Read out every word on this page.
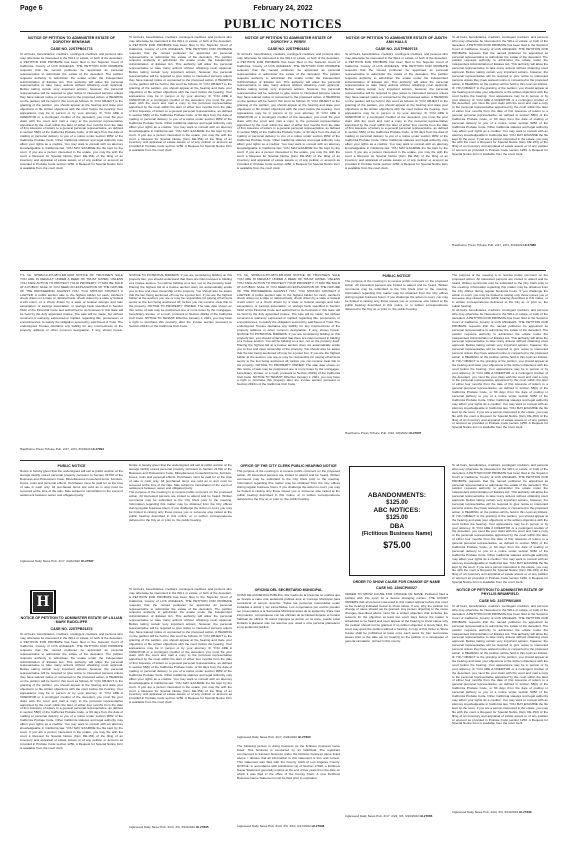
Page 6	February 24, 2022
PUBLIC NOTICES
NOTICE OF PETITION TO ADMINISTER ESTATE OF DOROTHY BENSHAW
CASE NO. 22STPB01773
To all heirs, beneficiaries, creditors, contingent creditors, and persons who may otherwise be interested in the WILL or estate, or both of the decedent. A PETITION FOR PROBATE has been filed in the Superior Court of California, County of LOS ANGELES. THE PETITION FOR PROBATE requests that the named petitioner be appointed as personal representative to administer the estate of the decedent. The petition requests authority to administer the estate under the Independent Administration of Estates Act. This authority will allow the personal representative to take many actions without obtaining court approval. Before taking certain very important actions, however, the personal representative will be required to give notice to interested persons unless they have waived notice or consented to the proposed action. A HEARING on the petition will be held in this court as follows. IF YOU OBJECT to the granting of the petition, you should appear at the hearing and state your objections or file written objections with the court before the hearing. Your appearance may be in person or by your attorney. IF YOU ARE A CREDITOR or a contingent creditor of the decedent, you must file your claim with the court and mail a copy to the personal representative appointed by the court within the later of either four months from the date of first issuance of letters to a general personal representative, as defined in section 58(b) of the California Probate Code, or 60 days from the date of mailing or personal delivery to you of a notice under section 9052 of the California Probate Code. Other California statutes and legal authority may affect your rights as a creditor. You may want to consult with an attorney knowledgeable in California law. YOU MAY EXAMINE the file kept by the court. If you are a person interested in the estate, you may file with the court a Request for Special Notice (form DE-154) of the filing of an inventory and appraisal of estate assets or of any petition or account as provided in Probate Code section 1250. A Request for Special Notice form is available from the court clerk.
To all heirs, beneficiaries, creditors, contingent creditors, and persons who may otherwise be interested in the WILL or estate, or both of the decedent. A PETITION FOR PROBATE has been filed in the Superior Court of California, County of LOS ANGELES. THE PETITION FOR PROBATE requests that the named petitioner be appointed as personal representative to administer the estate of the decedent. The petition requests authority to administer the estate under the Independent Administration of Estates Act. This authority will allow the personal representative to take many actions without obtaining court approval. Before taking certain very important actions, however, the personal representative will be required to give notice to interested persons unless they have waived notice or consented to the proposed action. A HEARING on the petition will be held in this court as follows. IF YOU OBJECT to the granting of the petition, you should appear at the hearing and state your objections or file written objections with the court before the hearing. Your appearance may be in person or by your attorney. IF YOU ARE A CREDITOR or a contingent creditor of the decedent, you must file your claim with the court and mail a copy to the personal representative appointed by the court within the later of either four months from the date of first issuance of letters to a general personal representative, as defined in section 58(b) of the California Probate Code, or 60 days from the date of mailing or personal delivery to you of a notice under section 9052 of the California Probate Code. Other California statutes and legal authority may affect your rights as a creditor. You may want to consult with an attorney knowledgeable in California law. YOU MAY EXAMINE the file kept by the court. If you are a person interested in the estate, you may file with the court a Request for Special Notice (form DE-154) of the filing of an inventory and appraisal of estate assets or of any petition or account as provided in Probate Code section 1250. A Request for Special Notice form is available from the court clerk.
NOTICE OF PETITION TO ADMINISTER ESTATE OF DOROTHY J. PERRY
CASE NO. 22STPB01822
To all heirs, beneficiaries, creditors, contingent creditors, and persons who may otherwise be interested in the WILL or estate, or both of the decedent. A PETITION FOR PROBATE has been filed in the Superior Court of California, County of LOS ANGELES. THE PETITION FOR PROBATE requests that the named petitioner be appointed as personal representative to administer the estate of the decedent. The petition requests authority to administer the estate under the Independent Administration of Estates Act. This authority will allow the personal representative to take many actions without obtaining court approval. Before taking certain very important actions, however, the personal representative will be required to give notice to interested persons unless they have waived notice or consented to the proposed action. A HEARING on the petition will be held in this court as follows. IF YOU OBJECT to the granting of the petition, you should appear at the hearing and state your objections or file written objections with the court before the hearing. Your appearance may be in person or by your attorney. IF YOU ARE A CREDITOR or a contingent creditor of the decedent, you must file your claim with the court and mail a copy to the personal representative appointed by the court within the later of either four months from the date of first issuance of letters to a general personal representative, as defined in section 58(b) of the California Probate Code, or 60 days from the date of mailing or personal delivery to you of a notice under section 9052 of the California Probate Code. Other California statutes and legal authority may affect your rights as a creditor. You may want to consult with an attorney knowledgeable in California law. YOU MAY EXAMINE the file kept by the court. If you are a person interested in the estate, you may file with the court a Request for Special Notice (form DE-154) of the filing of an inventory and appraisal of estate assets or of any petition or account as provided in Probate Code section 1250. A Request for Special Notice form is available from the court clerk.
NOTICE OF PETITION TO ADMINISTER ESTATE OF JUDITH ANN HALLS
CASE NO. 21STPB09715
To all heirs, beneficiaries, creditors, contingent creditors, and persons who may otherwise be interested in the WILL or estate, or both of the decedent. A PETITION FOR PROBATE has been filed in the Superior Court of California, County of LOS ANGELES. THE PETITION FOR PROBATE requests that the named petitioner be appointed as personal representative to administer the estate of the decedent. The petition requests authority to administer the estate under the Independent Administration of Estates Act. This authority will allow the personal representative to take many actions without obtaining court approval. Before taking certain very important actions, however, the personal representative will be required to give notice to interested persons unless they have waived notice or consented to the proposed action. A HEARING on the petition will be held in this court as follows. IF YOU OBJECT to the granting of the petition, you should appear at the hearing and state your objections or file written objections with the court before the hearing. Your appearance may be in person or by your attorney. IF YOU ARE A CREDITOR or a contingent creditor of the decedent, you must file your claim with the court and mail a copy to the personal representative appointed by the court within the later of either four months from the date of first issuance of letters to a general personal representative, as defined in section 58(b) of the California Probate Code, or 60 days from the date of mailing or personal delivery to you of a notice under section 9052 of the California Probate Code. Other California statutes and legal authority may affect your rights as a creditor. You may want to consult with an attorney knowledgeable in California law. YOU MAY EXAMINE the file kept by the court. If you are a person interested in the estate, you may file with the court a Request for Special Notice (form DE-154) of the filing of an inventory and appraisal of estate assets or of any petition or account as provided in Probate Code section 1250. A Request for Special Notice form is available from the court clerk.
To all heirs, beneficiaries, creditors, contingent creditors, and persons who may otherwise be interested in the WILL or estate, or both of the decedent. A PETITION FOR PROBATE has been filed in the Superior Court of California, County of LOS ANGELES. THE PETITION FOR PROBATE requests that the named petitioner be appointed as personal representative to administer the estate of the decedent. The petition requests authority to administer the estate under the Independent Administration of Estates Act. This authority will allow the personal representative to take many actions without obtaining court approval. Before taking certain very important actions, however, the personal representative will be required to give notice to interested persons unless they have waived notice or consented to the proposed action. A HEARING on the petition will be held in this court as follows. IF YOU OBJECT to the granting of the petition, you should appear at the hearing and state your objections or file written objections with the court before the hearing. Your appearance may be in person or by your attorney. IF YOU ARE A CREDITOR or a contingent creditor of the decedent, you must file your claim with the court and mail a copy to the personal representative appointed by the court within the later of either four months from the date of first issuance of letters to a general personal representative, as defined in section 58(b) of the California Probate Code, or 60 days from the date of mailing or personal delivery to you of a notice under section 9052 of the California Probate Code. Other California statutes and legal authority may affect your rights as a creditor. You may want to consult with an attorney knowledgeable in California law. YOU MAY EXAMINE the file kept by the court. If you are a person interested in the estate, you may file with the court a Request for Special Notice (form DE-154) of the filing of an inventory and appraisal of estate assets or of any petition or account as provided in Probate Code section 1250. A Request for Special Notice form is available from the court clerk.
Hawthorne Press Tribune Pub. 2/17, 2/24, 3/3/2022 HI-27880
T.S. No. SHSB-CA-PV-4874-DR-0003 NOTICE OF TRUSTEE'S SALE YOU ARE IN DEFAULT UNDER A DEED OF TRUST DATED. UNLESS YOU TAKE ACTION TO PROTECT YOUR PROPERTY, IT MAY BE SOLD AT A PUBLIC SALE. IF YOU NEED AN EXPLANATION OF THE NATURE OF THE PROCEEDING AGAINST YOU, YOU SHOULD CONTACT A LAWYER. A public auction sale to the highest bidder for cash, cashier's check drawn on a state or national bank, check drawn by a state or federal credit union, or a check drawn by a state or federal savings and loan association, or savings association, or savings bank specified in Section 5102 of the Financial Code and authorized to do business in this state will be held by the duly appointed trustee. The sale will be made, but without covenant or warranty, expressed or implied, regarding title, possession, or encumbrances, to satisfy the obligation secured by said Deed of Trust. The undersigned Trustee disclaims any liability for any incorrectness of the property address or other common designation, if any, shown herein. NOTICE TO POTENTIAL BIDDERS: If you are considering bidding on this property lien, you should understand that there are risks involved in bidding at a trustee auction. You will be bidding on a lien, not on the property itself. Placing the highest bid at a trustee auction does not automatically entitle you to free and clear ownership of the property. You should also be aware that the lien being auctioned off may be a junior lien. If you are the highest bidder at the auction, you are or may be responsible for paying off all liens senior to the lien being auctioned off, before you can receive clear title to the property. NOTICE TO PROPERTY OWNER: The sale date shown on this notice of sale may be postponed one or more times by the mortgagee, beneficiary, trustee, or a court, pursuant to Section 2924g of the California Civil Code. NOTICE TO TENANT: Effective January 1, 2021, you may have a right to purchase this property after the trustee auction pursuant to Section 2924m of the California Civil Code.
Hawthorne Press Tribune Pub. 2/17, 2/24, 3/3/2022 HI-27891
T.S. No. SHSB-CA-PV-4874-DR-0003 NOTICE OF TRUSTEE'S SALE YOU ARE IN DEFAULT UNDER A DEED OF TRUST DATED. UNLESS YOU TAKE ACTION TO PROTECT YOUR PROPERTY, IT MAY BE SOLD AT A PUBLIC SALE. IF YOU NEED AN EXPLANATION OF THE NATURE OF THE PROCEEDING AGAINST YOU, YOU SHOULD CONTACT A LAWYER. A public auction sale to the highest bidder for cash, cashier's check drawn on a state or national bank, check drawn by a state or federal credit union, or a check drawn by a state or federal savings and loan association, or savings association, or savings bank specified in Section 5102 of the Financial Code and authorized to do business in this state will be held by the duly appointed trustee. The sale will be made, but without covenant or warranty, expressed or implied, regarding title, possession, or encumbrances, to satisfy the obligation secured by said Deed of Trust. The undersigned Trustee disclaims any liability for any incorrectness of the property address or other common designation, if any, shown herein. NOTICE TO POTENTIAL BIDDERS: If you are considering bidding on this property lien, you should understand that there are risks involved in bidding at a trustee auction. You will be bidding on a lien, not on the property itself. Placing the highest bid at a trustee auction does not automatically entitle you to free and clear ownership of the property. You should also be aware that the lien being auctioned off may be a junior lien. If you are the highest bidder at the auction, you are or may be responsible for paying off all liens senior to the lien being auctioned off, before you can receive clear title to the property. NOTICE TO PROPERTY OWNER: The sale date shown on this notice of sale may be postponed one or more times by the mortgagee, beneficiary, trustee, or a court, pursuant to Section 2924g of the California Civil Code. NOTICE TO TENANT: Effective January 1, 2021, you may have a right to purchase this property after the trustee auction pursuant to Section 2924m of the California Civil Code.
PUBLIC NOTICE
The purpose of the meeting is to receive public comment on the proposed action. All interested persons are invited to attend and be heard. Written comments may be submitted to the City Clerk prior to the meeting. Information regarding this matter may be obtained from the City offices during regular business hours. If you challenge the action in court, you may be limited to raising only those issues you or someone else raised at the public hearing described in this notice, or in written correspondence delivered to the City at, or prior to, the public hearing.
Hawthorne Press Tribune Pub. 2/24, 3/3/2022 HI-27897
The purpose of the meeting is to receive public comment on the proposed action. All interested persons are invited to attend and be heard. Written comments may be submitted to the City Clerk prior to the meeting. Information regarding this matter may be obtained from the City offices during regular business hours. If you challenge the action in court, you may be limited to raising only those issues you or someone else raised at the public hearing described in this notice, or in written correspondence delivered to the City at, or prior to, the public hearing.
To all heirs, beneficiaries, creditors, contingent creditors, and persons who may otherwise be interested in the WILL or estate, or both of the decedent. A PETITION FOR PROBATE has been filed in the Superior Court of California, County of LOS ANGELES. THE PETITION FOR PROBATE requests that the named petitioner be appointed as personal representative to administer the estate of the decedent. The petition requests authority to administer the estate under the Independent Administration of Estates Act. This authority will allow the personal representative to take many actions without obtaining court approval. Before taking certain very important actions, however, the personal representative will be required to give notice to interested persons unless they have waived notice or consented to the proposed action. A HEARING on the petition will be held in this court as follows. IF YOU OBJECT to the granting of the petition, you should appear at the hearing and state your objections or file written objections with the court before the hearing. Your appearance may be in person or by your attorney. IF YOU ARE A CREDITOR or a contingent creditor of the decedent, you must file your claim with the court and mail a copy to the personal representative appointed by the court within the later of either four months from the date of first issuance of letters to a general personal representative, as defined in section 58(b) of the California Probate Code, or 60 days from the date of mailing or personal delivery to you of a notice under section 9052 of the California Probate Code. Other California statutes and legal authority may affect your rights as a creditor. You may want to consult with an attorney knowledgeable in California law. YOU MAY EXAMINE the file kept by the court. If you are a person interested in the estate, you may file with the court a Request for Special Notice (form DE-154) of the filing of an inventory and appraisal of estate assets or of any petition or account as provided in Probate Code section 1250. A Request for Special Notice form is available from the court clerk.
PUBLIC NOTICE
Notice is hereby given that the undersigned will sell at public auction at the storage facility stored personal property pursuant to Section 21700 of the Business and Professions Code. Miscellaneous household items, furniture, boxes, tools and personal effects. Purchases must be paid for at the time of sale in cash only. All purchased items are sold as is and must be removed at the time of the sale. Sale subject to cancellation in the event of settlement between owner and obligated party.
Inglewood Daily News Pub. 2/17, 2/24/2022 HI-27887
Notice is hereby given that the undersigned will sell at public auction at the storage facility stored personal property pursuant to Section 21700 of the Business and Professions Code. Miscellaneous household items, furniture, boxes, tools and personal effects. Purchases must be paid for at the time of sale in cash only. All purchased items are sold as is and must be removed at the time of the sale. Sale subject to cancellation in the event of settlement between owner and obligated party.
The purpose of the meeting is to receive public comment on the proposed action. All interested persons are invited to attend and be heard. Written comments may be submitted to the City Clerk prior to the meeting. Information regarding this matter may be obtained from the City offices during regular business hours. If you challenge the action in court, you may be limited to raising only those issues you or someone else raised at the public hearing described in this notice, or in written correspondence delivered to the City at, or prior to, the public hearing.
OFFICE OF THE CITY CLERK PUBLIC HEARING NOTICE
The purpose of the meeting is to receive public comment on the proposed action. All interested persons are invited to attend and be heard. Written comments may be submitted to the City Clerk prior to the meeting. Information regarding this matter may be obtained from the City offices during regular business hours. If you challenge the action in court, you may be limited to raising only those issues you or someone else raised at the public hearing described in this notice, or in written correspondence delivered to the City at, or prior to, the public hearing.
ABANDONMENTS:
$125.00
ABC NOTICES:
$125.00
DBA
(Fictitious Business Name)
$75.00
To all heirs, beneficiaries, creditors, contingent creditors, and persons who may otherwise be interested in the WILL or estate, or both of the decedent. A PETITION FOR PROBATE has been filed in the Superior Court of California, County of LOS ANGELES. THE PETITION FOR PROBATE requests that the named petitioner be appointed as personal representative to administer the estate of the decedent. The petition requests authority to administer the estate under the Independent Administration of Estates Act. This authority will allow the personal representative to take many actions without obtaining court approval. Before taking certain very important actions, however, the personal representative will be required to give notice to interested persons unless they have waived notice or consented to the proposed action. A HEARING on the petition will be held in this court as follows. IF YOU OBJECT to the granting of the petition, you should appear at the hearing and state your objections or file written objections with the court before the hearing. Your appearance may be in person or by your attorney. IF YOU ARE A CREDITOR or a contingent creditor of the decedent, you must file your claim with the court and mail a copy to the personal representative appointed by the court within the later of either four months from the date of first issuance of letters to a general personal representative, as defined in section 58(b) of the California Probate Code, or 60 days from the date of mailing or personal delivery to you of a notice under section 9052 of the California Probate Code. Other California statutes and legal authority may affect your rights as a creditor. You may want to consult with an attorney knowledgeable in California law. YOU MAY EXAMINE the file kept by the court. If you are a person interested in the estate, you may file with the court a Request for Special Notice (form DE-154) of the filing of an inventory and appraisal of estate assets or of any petition or account as provided in Probate Code section 1250. A Request for Special Notice form is available from the court clerk.
H
NOTICE OF PETITION TO ADMINISTER ESTATE OF LILLIAN MARY RADCLIFFE
CASE NO. 22STPB01873
To all heirs, beneficiaries, creditors, contingent creditors, and persons who may otherwise be interested in the WILL or estate, or both of the decedent. A PETITION FOR PROBATE has been filed in the Superior Court of California, County of LOS ANGELES. THE PETITION FOR PROBATE requests that the named petitioner be appointed as personal representative to administer the estate of the decedent. The petition requests authority to administer the estate under the Independent Administration of Estates Act. This authority will allow the personal representative to take many actions without obtaining court approval. Before taking certain very important actions, however, the personal representative will be required to give notice to interested persons unless they have waived notice or consented to the proposed action. A HEARING on the petition will be held in this court as follows. IF YOU OBJECT to the granting of the petition, you should appear at the hearing and state your objections or file written objections with the court before the hearing. Your appearance may be in person or by your attorney. IF YOU ARE A CREDITOR or a contingent creditor of the decedent, you must file your claim with the court and mail a copy to the personal representative appointed by the court within the later of either four months from the date of first issuance of letters to a general personal representative, as defined in section 58(b) of the California Probate Code, or 60 days from the date of mailing or personal delivery to you of a notice under section 9052 of the California Probate Code. Other California statutes and legal authority may affect your rights as a creditor. You may want to consult with an attorney knowledgeable in California law. YOU MAY EXAMINE the file kept by the court. If you are a person interested in the estate, you may file with the court a Request for Special Notice (form DE-154) of the filing of an inventory and appraisal of estate assets or of any petition or account as provided in Probate Code section 1250. A Request for Special Notice form is available from the court clerk.
To all heirs, beneficiaries, creditors, contingent creditors, and persons who may otherwise be interested in the WILL or estate, or both of the decedent. A PETITION FOR PROBATE has been filed in the Superior Court of California, County of LOS ANGELES. THE PETITION FOR PROBATE requests that the named petitioner be appointed as personal representative to administer the estate of the decedent. The petition requests authority to administer the estate under the Independent Administration of Estates Act. This authority will allow the personal representative to take many actions without obtaining court approval. Before taking certain very important actions, however, the personal representative will be required to give notice to interested persons unless they have waived notice or consented to the proposed action. A HEARING on the petition will be held in this court as follows. IF YOU OBJECT to the granting of the petition, you should appear at the hearing and state your objections or file written objections with the court before the hearing. Your appearance may be in person or by your attorney. IF YOU ARE A CREDITOR or a contingent creditor of the decedent, you must file your claim with the court and mail a copy to the personal representative appointed by the court within the later of either four months from the date of first issuance of letters to a general personal representative, as defined in section 58(b) of the California Probate Code, or 60 days from the date of mailing or personal delivery to you of a notice under section 9052 of the California Probate Code. Other California statutes and legal authority may affect your rights as a creditor. You may want to consult with an attorney knowledgeable in California law. YOU MAY EXAMINE the file kept by the court. If you are a person interested in the estate, you may file with the court a Request for Special Notice (form DE-154) of the filing of an inventory and appraisal of estate assets or of any petition or account as provided in Probate Code section 1250. A Request for Special Notice form is available from the court clerk.
Inglewood Daily News Pub. 2/24, 3/3, 3/10/2022 HI-27895
OFICINA DEL SECRETARIO MUNICIPAL
AVISO DE AUDIENCIA PUBLICA. Por medio de la presente se notifica que se llevara a cabo una audiencia publica ante el Concejo Municipal para considerar el asunto descrito. Todas las personas interesadas estan invitadas a asistir y ser escuchadas. Los comentarios por escrito pueden ser presentados a la Secretaria Municipal antes de la audiencia. Para mas informacion, comuniquese con las oficinas de la Ciudad durante el horario habitual de oficina. Si usted impugna la accion en la corte, puede estar limitado a plantear solo los asuntos que usted u otra persona plantearon en la audiencia publica.
Inglewood Daily News Pub. 2/17, 2/24/2022 HI-27890
The following person is doing business as the fictitious business name listed. This business is conducted by an individual. The registrant commenced to transact business under the fictitious business name listed above. I declare that all information in this statement is true and correct. This statement was filed with the County Clerk of Los Angeles County. NOTICE: In accordance with subdivision (a) of Section 17920, a Fictitious Name Statement generally expires at the end of five years from the date on which it was filed in the office of the County Clerk. A new Fictitious Business Name Statement must be filed prior to expiration.
Inglewood Daily News Pub. 2/24, 3/3, 3/10, 3/17/2022 HI-27898
ORDER TO SHOW CAUSE FOR CHANGE OF NAME
CASE NO. 22INCP00027
ORDER TO SHOW CAUSE FOR CHANGE OF NAME. Petitioner filed a petition with this court for a decree changing names. THE COURT ORDERS that all persons interested in this matter appear before this court at the hearing indicated below to show cause, if any, why the petition for change of name should not be granted. Any person objecting to the name changes described above must file a written objection that includes the reasons for the objection at least two court days before the matter is scheduled to be heard and must appear at the hearing to show cause why the petition should not be granted. If no written objection is timely filed, the court may grant the petition without a hearing. A copy of this Order to Show Cause shall be published at least once each week for four successive weeks prior to the date set for hearing on the petition in a newspaper of general circulation, printed in this county.
Inglewood Daily News Pub. 2/17, 2/24, 3/3, 3/10/2022 HI-27886
NOTICE OF PETITION TO ADMINISTER ESTATE OF PHYLLIS BRUMFIELD
CASE NO. 22STPB01860
To all heirs, beneficiaries, creditors, contingent creditors, and persons who may otherwise be interested in the WILL or estate, or both of the decedent. A PETITION FOR PROBATE has been filed in the Superior Court of California, County of LOS ANGELES. THE PETITION FOR PROBATE requests that the named petitioner be appointed as personal representative to administer the estate of the decedent. The petition requests authority to administer the estate under the Independent Administration of Estates Act. This authority will allow the personal representative to take many actions without obtaining court approval. Before taking certain very important actions, however, the personal representative will be required to give notice to interested persons unless they have waived notice or consented to the proposed action. A HEARING on the petition will be held in this court as follows. IF YOU OBJECT to the granting of the petition, you should appear at the hearing and state your objections or file written objections with the court before the hearing. Your appearance may be in person or by your attorney. IF YOU ARE A CREDITOR or a contingent creditor of the decedent, you must file your claim with the court and mail a copy to the personal representative appointed by the court within the later of either four months from the date of first issuance of letters to a general personal representative, as defined in section 58(b) of the California Probate Code, or 60 days from the date of mailing or personal delivery to you of a notice under section 9052 of the California Probate Code. Other California statutes and legal authority may affect your rights as a creditor. You may want to consult with an attorney knowledgeable in California law. YOU MAY EXAMINE the file kept by the court. If you are a person interested in the estate, you may file with the court a Request for Special Notice (form DE-154) of the filing of an inventory and appraisal of estate assets or of any petition or account as provided in Probate Code section 1250. A Request for Special Notice form is available from the court clerk.
Inglewood Daily News Pub. 2/24, 3/3, 3/10/2022 HI-27896
